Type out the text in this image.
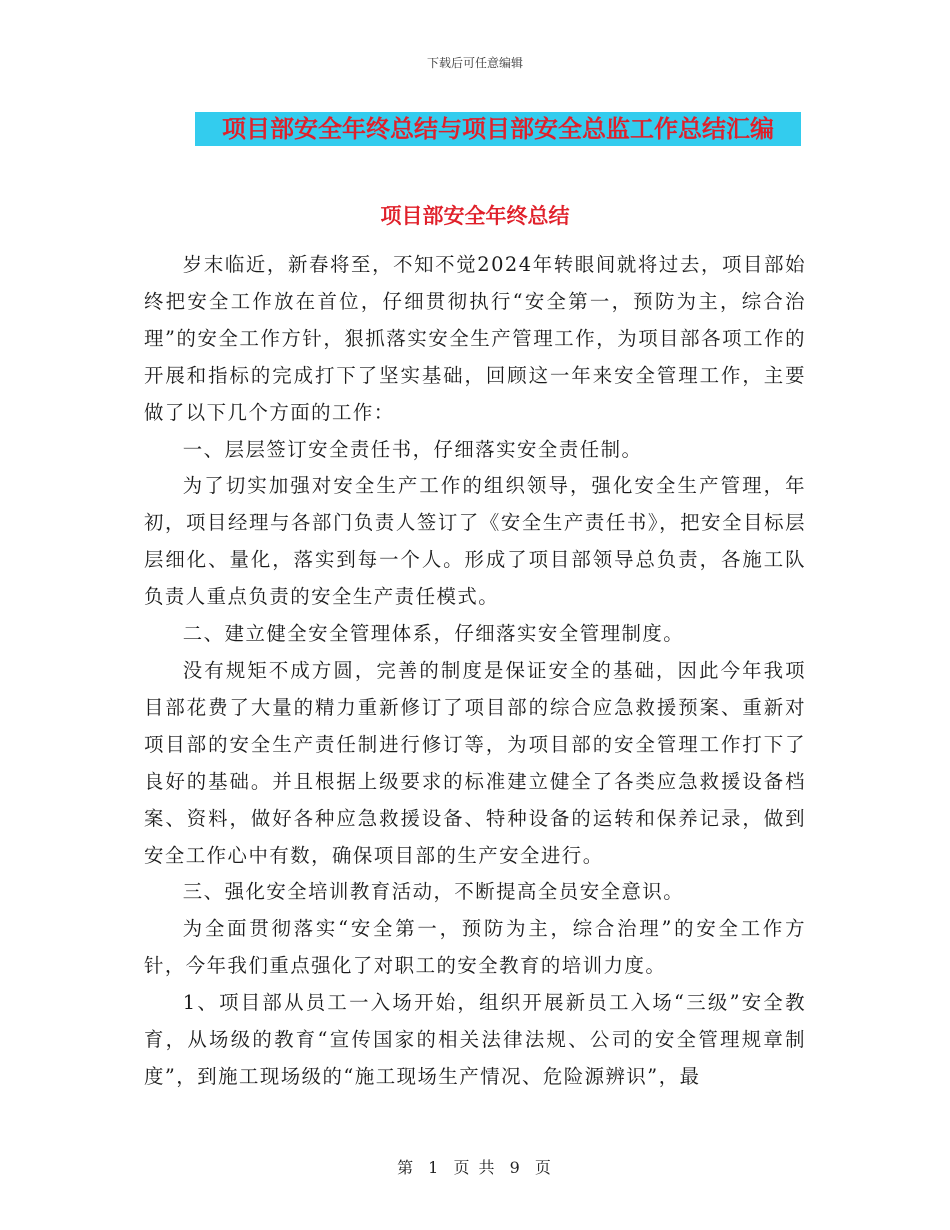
下载后可任意编辑
项目部安全年终总结与项目部安全总监工作总结汇编
项目部安全年终总结

岁末临近，新春将至，不知不觉2024年转眼间就将过去，项目部始终把安全工作放在首位，仔细贯彻执行“安全第一，预防为主，综合治理”的安全工作方针，狠抓落实安全生产管理工作，为项目部各项工作的开展和指标的完成打下了坚实基础，回顾这一年来安全管理工作，主要做了以下几个方面的工作：

一、层层签订安全责任书，仔细落实安全责任制。

为了切实加强对安全生产工作的组织领导，强化安全生产管理，年初，项目经理与各部门负责人签订了《安全生产责任书》，把安全目标层层细化、量化，落实到每一个人。形成了项目部领导总负责，各施工队负责人重点负责的安全生产责任模式。

二、建立健全安全管理体系，仔细落实安全管理制度。

没有规矩不成方圆，完善的制度是保证安全的基础，因此今年我项目部花费了大量的精力重新修订了项目部的综合应急救援预案、重新对项目部的安全生产责任制进行修订等，为项目部的安全管理工作打下了良好的基础。并且根据上级要求的标准建立健全了各类应急救援设备档案、资料，做好各种应急救援设备、特种设备的运转和保养记录，做到安全工作心中有数，确保项目部的生产安全进行。

三、强化安全培训教育活动，不断提高全员安全意识。

为全面贯彻落实“安全第一，预防为主，综合治理”的安全工作方针，今年我们重点强化了对职工的安全教育的培训力度。

1、项目部从员工一入场开始，组织开展新员工入场“三级”安全教育，从场级的教育“宣传国家的相关法律法规、公司的安全管理规章制度”，到施工现场级的“施工现场生产情况、危险源辨识”，最

第 1 页 共 9 页
